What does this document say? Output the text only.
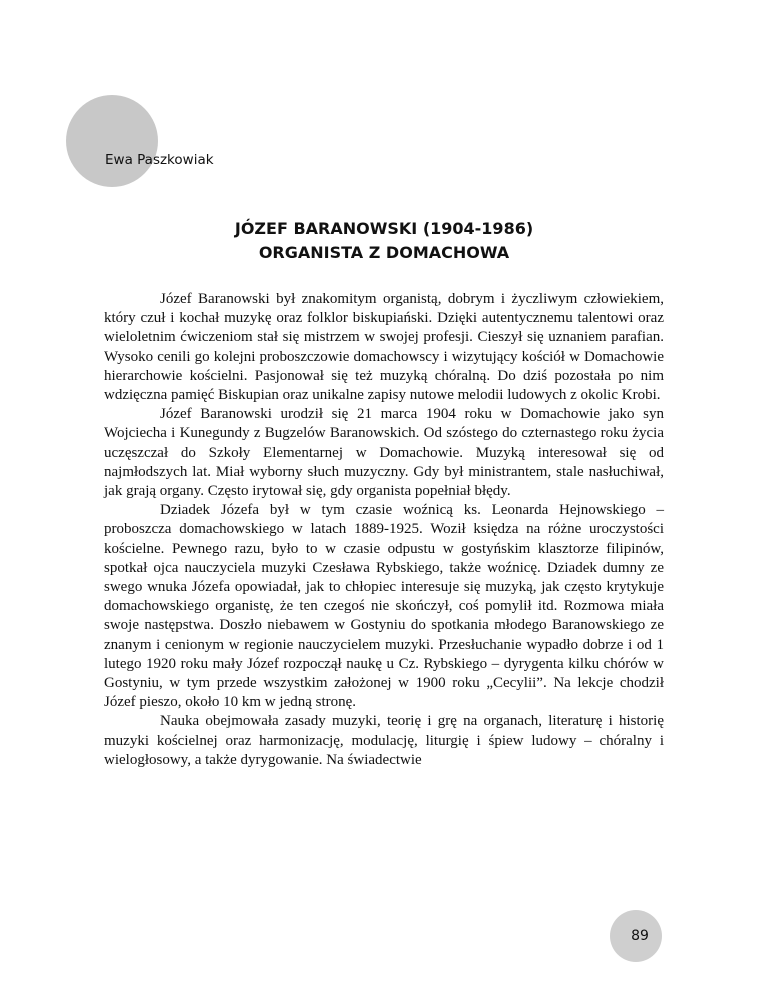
Ewa Paszkowiak
JÓZEF BARANOWSKI (1904-1986)
ORGANISTA Z DOMACHOWA

Józef Baranowski był znakomitym organistą, dobrym i życzliwym człowiekiem, który czuł i kochał muzykę oraz folklor biskupiański. Dzięki autentycznemu talentowi oraz wieloletnim ćwiczeniom stał się mistrzem w swojej profesji. Cieszył się uznaniem parafian. Wysoko cenili go kolejni proboszczowie domachowscy i wizytujący kościół w Domachowie hierarchowie kościelni. Pasjonował się też muzyką chóralną. Do dziś pozostała po nim wdzięczna pamięć Biskupian oraz unikalne zapisy nutowe melodii ludowych z okolic Krobi.

Józef Baranowski urodził się 21 marca 1904 roku w Domachowie jako syn Wojciecha i Kunegundy z Bugzelów Baranowskich. Od szóstego do czternastego roku życia uczęszczał do Szkoły Elementarnej w Domachowie. Muzyką interesował się od najmłodszych lat. Miał wyborny słuch muzyczny. Gdy był ministrantem, stale nasłuchiwał, jak grają organy. Często irytował się, gdy organista popełniał błędy.

Dziadek Józefa był w tym czasie woźnicą ks. Leonarda Hejnowskiego – proboszcza domachowskiego w latach 1889-1925. Woził księdza na różne uroczystości kościelne. Pewnego razu, było to w czasie odpustu w gostyńskim klasztorze filipinów, spotkał ojca nauczyciela muzyki Czesława Rybskiego, także woźnicę. Dziadek dumny ze swego wnuka Józefa opowiadał, jak to chłopiec interesuje się muzyką, jak często krytykuje domachowskiego organistę, że ten czegoś nie skończył, coś pomylił itd. Rozmowa miała swoje następstwa. Doszło niebawem w Gostyniu do spotkania młodego Baranowskiego ze znanym i cenionym w regionie nauczycielem muzyki. Przesłuchanie wypadło dobrze i od 1 lutego 1920 roku mały Józef rozpoczął naukę u Cz. Rybskiego – dyrygenta kilku chórów w Gostyniu, w tym przede wszystkim założonej w 1900 roku „Cecylii”. Na lekcje chodził Józef pieszo, około 10 km w jedną stronę.

Nauka obejmowała zasady muzyki, teorię i grę na organach, literaturę i historię muzyki kościelnej oraz harmonizację, modulację, liturgię i śpiew ludowy – chóralny i wielogłosowy, a także dyrygowanie. Na świadectwie

89
